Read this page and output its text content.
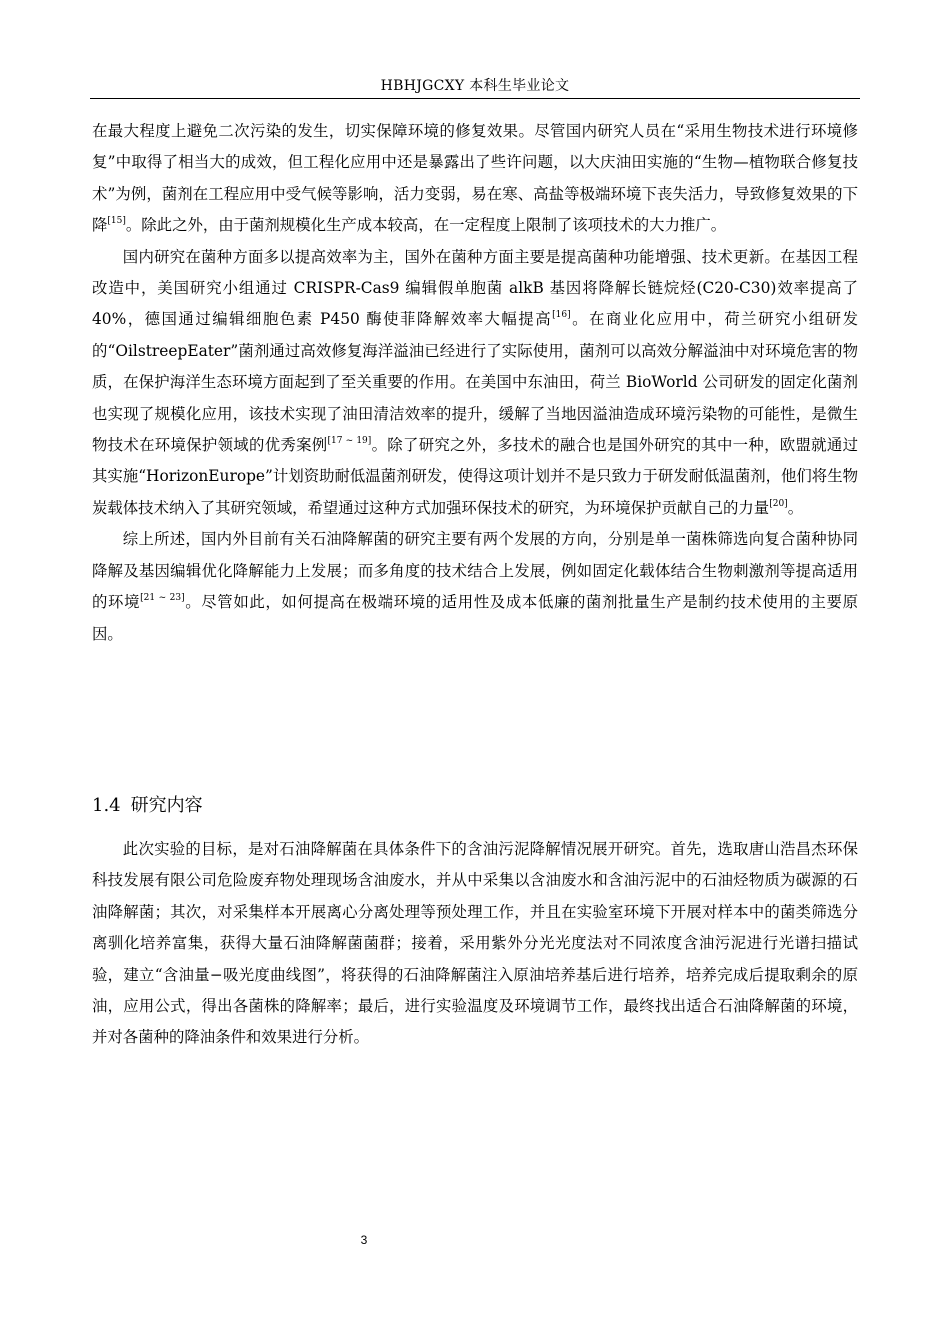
HBHJGCXY 本科生毕业论文

在最大程度上避免二次污染的发生，切实保障环境的修复效果。尽管国内研究人员在“采用生物技术进行环境修复”中取得了相当大的成效，但工程化应用中还是暴露出了些许问题，以大庆油田实施的“生物—植物联合修复技术”为例，菌剂在工程应用中受气候等影响，活力变弱，易在寒、高盐等极端环境下丧失活力，导致修复效果的下降[15]。除此之外，由于菌剂规模化生产成本较高，在一定程度上限制了该项技术的大力推广。

国内研究在菌种方面多以提高效率为主，国外在菌种方面主要是提高菌种功能增强、技术更新。在基因工程改造中，美国研究小组通过 CRISPR-Cas9 编辑假单胞菌 alkB 基因将降解长链烷烃(C20-C30)效率提高了 40%，德国通过编辑细胞色素 P450 酶使菲降解效率大幅提高[16]。在商业化应用中，荷兰研究小组研发的“OilstreepEater”菌剂通过高效修复海洋溢油已经进行了实际使用，菌剂可以高效分解溢油中对环境危害的物质，在保护海洋生态环境方面起到了至关重要的作用。在美国中东油田，荷兰 BioWorld 公司研发的固定化菌剂也实现了规模化应用，该技术实现了油田清洁效率的提升，缓解了当地因溢油造成环境污染物的可能性，是微生物技术在环境保护领域的优秀案例[17 ~ 19]。除了研究之外，多技术的融合也是国外研究的其中一种，欧盟就通过其实施“HorizonEurope”计划资助耐低温菌剂研发，使得这项计划并不是只致力于研发耐低温菌剂，他们将生物炭载体技术纳入了其研究领域，希望通过这种方式加强环保技术的研究，为环境保护贡献自己的力量[20]。

综上所述，国内外目前有关石油降解菌的研究主要有两个发展的方向，分别是单一菌株筛选向复合菌种协同降解及基因编辑优化降解能力上发展；而多角度的技术结合上发展，例如固定化载体结合生物刺激剂等提高适用的环境[21 ~ 23]。尽管如此，如何提高在极端环境的适用性及成本低廉的菌剂批量生产是制约技术使用的主要原因。

1.4 研究内容

此次实验的目标，是对石油降解菌在具体条件下的含油污泥降解情况展开研究。首先，选取唐山浩昌杰环保科技发展有限公司危险废弃物处理现场含油废水，并从中采集以含油废水和含油污泥中的石油烃物质为碳源的石油降解菌；其次，对采集样本开展离心分离处理等预处理工作，并且在实验室环境下开展对样本中的菌类筛选分离驯化培养富集，获得大量石油降解菌菌群；接着，采用紫外分光光度法对不同浓度含油污泥进行光谱扫描试验，建立“含油量−吸光度曲线图”，将获得的石油降解菌注入原油培养基后进行培养，培养完成后提取剩余的原油，应用公式，得出各菌株的降解率；最后，进行实验温度及环境调节工作，最终找出适合石油降解菌的环境，并对各菌种的降油条件和效果进行分析。

3
